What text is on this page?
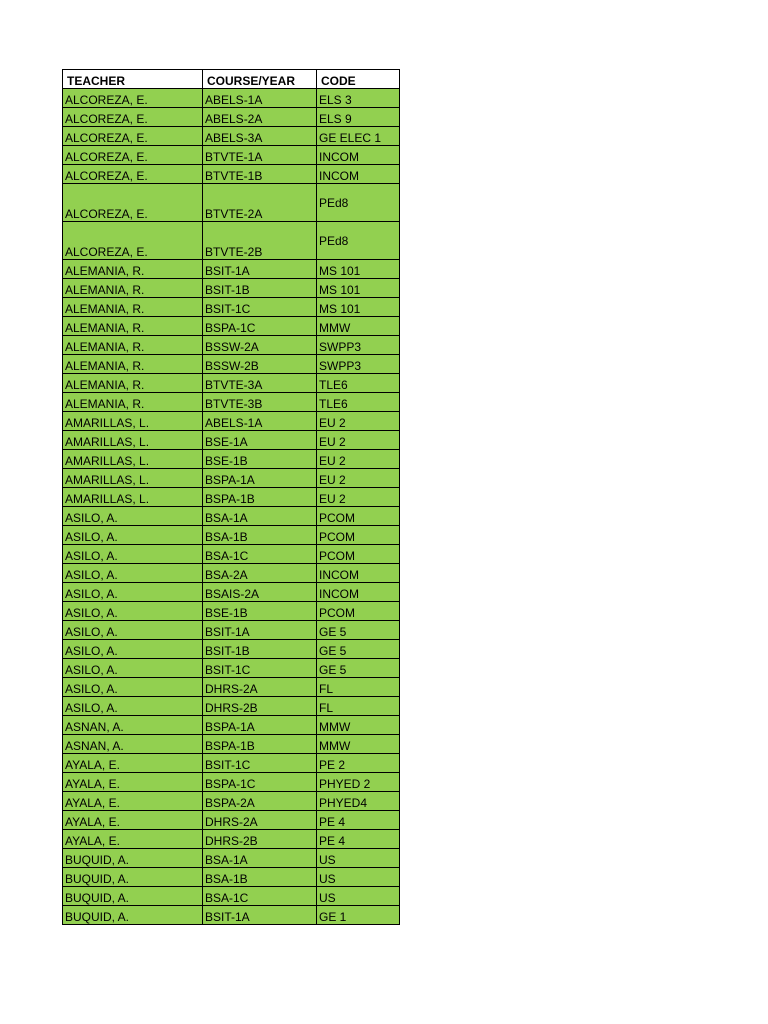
TEACHER	COURSE/YEAR	CODE
ALCOREZA, E.	ABELS-1A	ELS 3
ALCOREZA, E.	ABELS-2A	ELS 9
ALCOREZA, E.	ABELS-3A	GE ELEC 1
ALCOREZA, E.	BTVTE-1A	INCOM
ALCOREZA, E.	BTVTE-1B	INCOM
ALCOREZA, E.	BTVTE-2A	PEd8
ALCOREZA, E.	BTVTE-2B	PEd8
ALEMANIA, R.	BSIT-1A	MS 101
ALEMANIA, R.	BSIT-1B	MS 101
ALEMANIA, R.	BSIT-1C	MS 101
ALEMANIA, R.	BSPA-1C	MMW
ALEMANIA, R.	BSSW-2A	SWPP3
ALEMANIA, R.	BSSW-2B	SWPP3
ALEMANIA, R.	BTVTE-3A	TLE6
ALEMANIA, R.	BTVTE-3B	TLE6
AMARILLAS, L.	ABELS-1A	EU 2
AMARILLAS, L.	BSE-1A	EU 2
AMARILLAS, L.	BSE-1B	EU 2
AMARILLAS, L.	BSPA-1A	EU 2
AMARILLAS, L.	BSPA-1B	EU 2
ASILO, A.	BSA-1A	PCOM
ASILO, A.	BSA-1B	PCOM
ASILO, A.	BSA-1C	PCOM
ASILO, A.	BSA-2A	INCOM
ASILO, A.	BSAIS-2A	INCOM
ASILO, A.	BSE-1B	PCOM
ASILO, A.	BSIT-1A	GE 5
ASILO, A.	BSIT-1B	GE 5
ASILO, A.	BSIT-1C	GE 5
ASILO, A.	DHRS-2A	FL
ASILO, A.	DHRS-2B	FL
ASNAN, A.	BSPA-1A	MMW
ASNAN, A.	BSPA-1B	MMW
AYALA, E.	BSIT-1C	PE 2
AYALA, E.	BSPA-1C	PHYED 2
AYALA, E.	BSPA-2A	PHYED4
AYALA, E.	DHRS-2A	PE 4
AYALA, E.	DHRS-2B	PE 4
BUQUID, A.	BSA-1A	US
BUQUID, A.	BSA-1B	US
BUQUID, A.	BSA-1C	US
BUQUID, A.	BSIT-1A	GE 1
